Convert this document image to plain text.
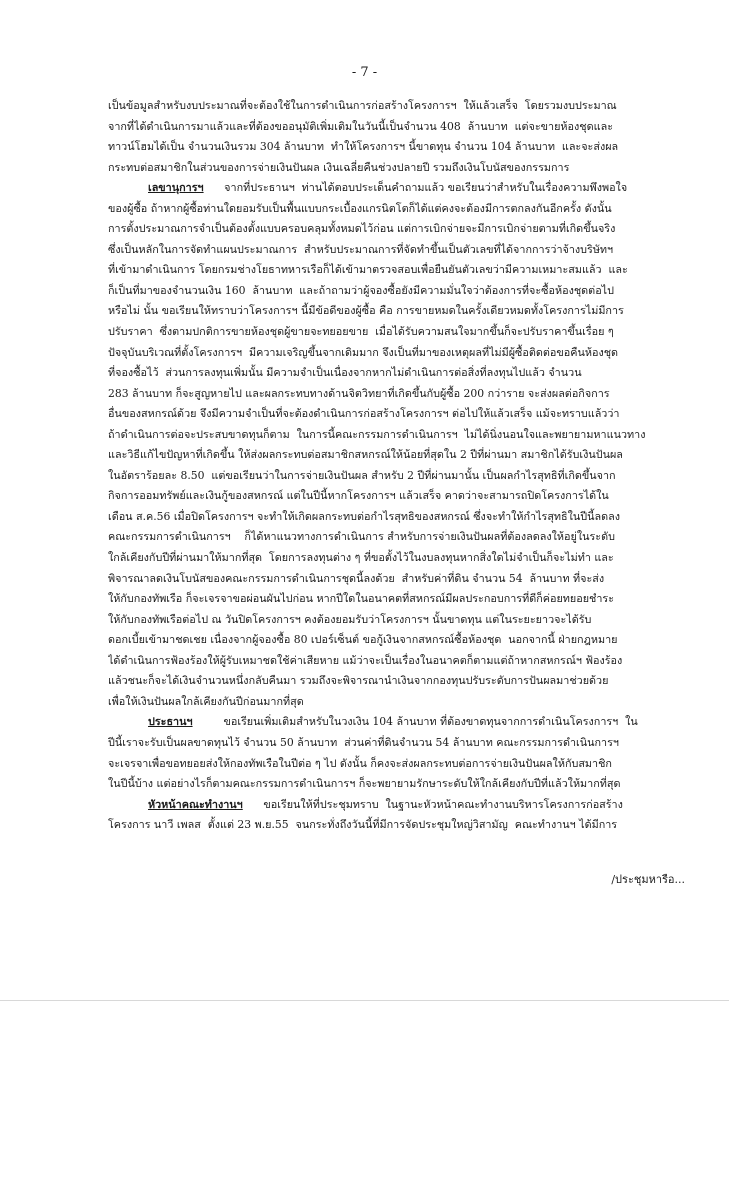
- 7 -
เป็นข้อมูลสำหรับงบประมาณที่จะต้องใช้ในการดำเนินการก่อสร้างโครงการฯ  ให้แล้วเสร็จ  โดยรวมงบประมาณ
จากที่ได้ดำเนินการมาแล้วและที่ต้องขออนุมัติเพิ่มเติมในวันนี้เป็นจำนวน 408  ล้านบาท  แต่จะขายห้องชุดและ
ทาวน์โฮมได้เป็น จำนวนเงินรวม 304 ล้านบาท  ทำให้โครงการฯ นี้ขาดทุน จำนวน 104 ล้านบาท  และจะส่งผล
กระทบต่อสมาชิกในส่วนของการจ่ายเงินปันผล เงินเฉลี่ยคืนช่วงปลายปี รวมถึงเงินโบนัสของกรรมการ
เลขานุการฯ      จากที่ประธานฯ  ท่านได้ตอบประเด็นคำถามแล้ว ขอเรียนว่าสำหรับในเรื่องความพึงพอใจ
ของผู้ซื้อ ถ้าหากผู้ซื้อท่านใดยอมรับเป็นพื้นแบบกระเบื้องแกรนิตโตก็ได้แต่คงจะต้องมีการตกลงกันอีกครั้ง ดังนั้น
การตั้งประมาณการจำเป็นต้องตั้งแบบครอบคลุมทั้งหมดไว้ก่อน แต่การเบิกจ่ายจะมีการเบิกจ่ายตามที่เกิดขึ้นจริง
ซึ่งเป็นหลักในการจัดทำแผนประมาณการ  สำหรับประมาณการที่จัดทำขึ้นเป็นตัวเลขที่ได้จากการว่าจ้างบริษัทฯ
ที่เข้ามาดำเนินการ โดยกรมช่างโยธาทหารเรือก็ได้เข้ามาตรวจสอบเพื่อยืนยันตัวเลขว่ามีความเหมาะสมแล้ว  และ
ก็เป็นที่มาของจำนวนเงิน 160  ล้านบาท  และถ้าถามว่าผู้จองซื้อยังมีความมั่นใจว่าต้องการที่จะซื้อห้องชุดต่อไป
หรือไม่ นั้น ขอเรียนให้ทราบว่าโครงการฯ นี้มีข้อดีของผู้ซื้อ คือ การขายหมดในครั้งเดียวหมดทั้งโครงการไม่มีการ
ปรับราคา  ซึ่งตามปกติการขายห้องชุดผู้ขายจะทยอยขาย  เมื่อได้รับความสนใจมากขึ้นก็จะปรับราคาขึ้นเรื่อย ๆ
ปัจจุบันบริเวณที่ตั้งโครงการฯ  มีความเจริญขึ้นจากเดิมมาก จึงเป็นที่มาของเหตุผลที่ไม่มีผู้ซื้อติดต่อขอคืนห้องชุด
ที่จองซื้อไว้  ส่วนการลงทุนเพิ่มนั้น มีความจำเป็นเนื่องจากหากไม่ดำเนินการต่อสิ่งที่ลงทุนไปแล้ว จำนวน
283 ล้านบาท ก็จะสูญหายไป และผลกระทบทางด้านจิตวิทยาที่เกิดขึ้นกับผู้ซื้อ 200 กว่าราย จะส่งผลต่อกิจการ
อื่นของสหกรณ์ด้วย จึงมีความจำเป็นที่จะต้องดำเนินการก่อสร้างโครงการฯ ต่อไปให้แล้วเสร็จ แม้จะทราบแล้วว่า
ถ้าดำเนินการต่อจะประสบขาดทุนก็ตาม  ในการนี้คณะกรรมการดำเนินการฯ  ไม่ได้นิ่งนอนใจและพยายามหาแนวทาง
และวิธีแก้ไขปัญหาที่เกิดขึ้น ให้ส่งผลกระทบต่อสมาชิกสหกรณ์ให้น้อยที่สุดใน 2 ปีที่ผ่านมา สมาชิกได้รับเงินปันผล
ในอัตราร้อยละ 8.50  แต่ขอเรียนว่าในการจ่ายเงินปันผล สำหรับ 2 ปีที่ผ่านมานั้น เป็นผลกำไรสุทธิที่เกิดขึ้นจาก
กิจการออมทรัพย์และเงินกู้ของสหกรณ์ แต่ในปีนี้หากโครงการฯ แล้วเสร็จ คาดว่าจะสามารถปิดโครงการได้ใน
เดือน ส.ค.56 เมื่อปิดโครงการฯ จะทำให้เกิดผลกระทบต่อกำไรสุทธิของสหกรณ์ ซึ่งจะทำให้กำไรสุทธิในปีนี้ลดลง
คณะกรรมการดำเนินการฯ    ก็ได้หาแนวทางการดำเนินการ สำหรับการจ่ายเงินปันผลที่ต้องลดลงให้อยู่ในระดับ
ใกล้เคียงกับปีที่ผ่านมาให้มากที่สุด  โดยการลงทุนต่าง ๆ ที่ขอตั้งไว้ในงบลงทุนหากสิ่งใดไม่จำเป็นก็จะไม่ทำ และ
พิจารณาลดเงินโบนัสของคณะกรรมการดำเนินการชุดนี้ลงด้วย  สำหรับค่าที่ดิน จำนวน 54  ล้านบาท ที่จะส่ง
ให้กับกองทัพเรือ ก็จะเจรจาขอผ่อนผันไปก่อน หากปีใดในอนาคตที่สหกรณ์มีผลประกอบการที่ดีก็ค่อยทยอยชำระ
ให้กับกองทัพเรือต่อไป ณ วันปิดโครงการฯ คงต้องยอมรับว่าโครงการฯ นั้นขาดทุน แต่ในระยะยาวจะได้รับ
ดอกเบี้ยเข้ามาชดเชย เนื่องจากผู้จองซื้อ 80 เปอร์เซ็นต์ ขอกู้เงินจากสหกรณ์ซื้อห้องชุด  นอกจากนี้ ฝ่ายกฎหมาย
ได้ดำเนินการฟ้องร้องให้ผู้รับเหมาชดใช้ค่าเสียหาย แม้ว่าจะเป็นเรื่องในอนาคตก็ตามแต่ถ้าหากสหกรณ์ฯ ฟ้องร้อง
แล้วชนะก็จะได้เงินจำนวนหนึ่งกลับคืนมา รวมถึงจะพิจารณานำเงินจากกองทุนปรับระดับการปันผลมาช่วยด้วย
เพื่อให้เงินปันผลใกล้เคียงกันปีก่อนมากที่สุด
ประธานฯ         ขอเรียนเพิ่มเติมสำหรับในวงเงิน 104 ล้านบาท ที่ต้องขาดทุนจากการดำเนินโครงการฯ  ใน
ปีนี้เราจะรับเป็นผลขาดทุนไว้ จำนวน 50 ล้านบาท  ส่วนค่าที่ดินจำนวน 54 ล้านบาท คณะกรรมการดำเนินการฯ
จะเจรจาเพื่อขอทยอยส่งให้กองทัพเรือในปีต่อ ๆ ไป ดังนั้น ก็คงจะส่งผลกระทบต่อการจ่ายเงินปันผลให้กับสมาชิก
ในปีนี้บ้าง แต่อย่างไรก็ตามคณะกรรมการดำเนินการฯ ก็จะพยายามรักษาระดับให้ใกล้เคียงกับปีที่แล้วให้มากที่สุด
หัวหน้าคณะทำงานฯ      ขอเรียนให้ที่ประชุมทราบ  ในฐานะหัวหน้าคณะทำงานบริหารโครงการก่อสร้าง
โครงการ นาวี เพลส  ตั้งแต่ 23 พ.ย.55  จนกระทั่งถึงวันนี้ที่มีการจัดประชุมใหญ่วิสามัญ  คณะทำงานฯ ได้มีการ
/ประชุมหารือ...
